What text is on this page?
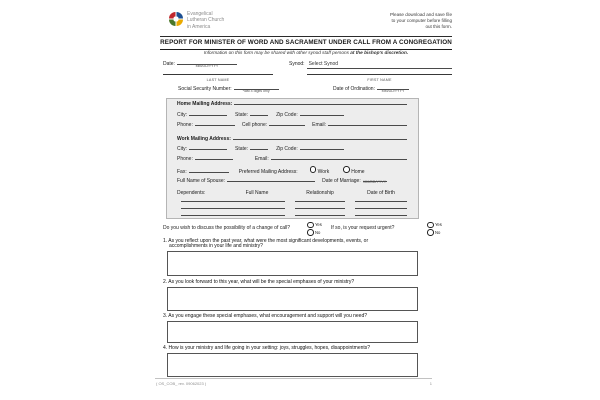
Evangelical
Lutheran Church
in America
Please download and save file
to your computer before filling
out this form.
REPORT FOR MINISTER OF WORD AND SACRAMENT UNDER CALL FROM A CONGREGATION
Information on this form may be shared with other synod staff persons at the bishop's discretion.
Date:	MM/DD/YYYY	Synod: Select Synod
LAST NAME	FIRST NAME
Social Security Number:	*last 4 digits only	Date of Ordination:	MM/DD/YYYY
Home Mailing Address:
City:	State:	Zip Code:
Phone:	Cell phone:	Email:
Work Mailing Address:
City:	State:	Zip Code:
Phone:	Email:
Fax:	Preferred Mailing Address:	Work	Home
Full Name of Spouse:	Date of Marriage: MM/DD/YYYY
Dependents:	Full Name	Relationship	Date of Birth
Do you wish to discuss the possibility of a change of call?
Yes
No
If so, is your request urgent?
Yes
No
1. As you reflect upon the past year, what were the most significant developments, events, or
accomplishments in your life and ministry?
2. As you look forward to this year, what will be the special emphases of your ministry?
3. As you engage these special emphases, what encouragement and support will you need?
4. How is your ministry and life going in your setting: joys, struggles, hopes, disappointments?
( OS_COB_ rev. 09062023 )	1
